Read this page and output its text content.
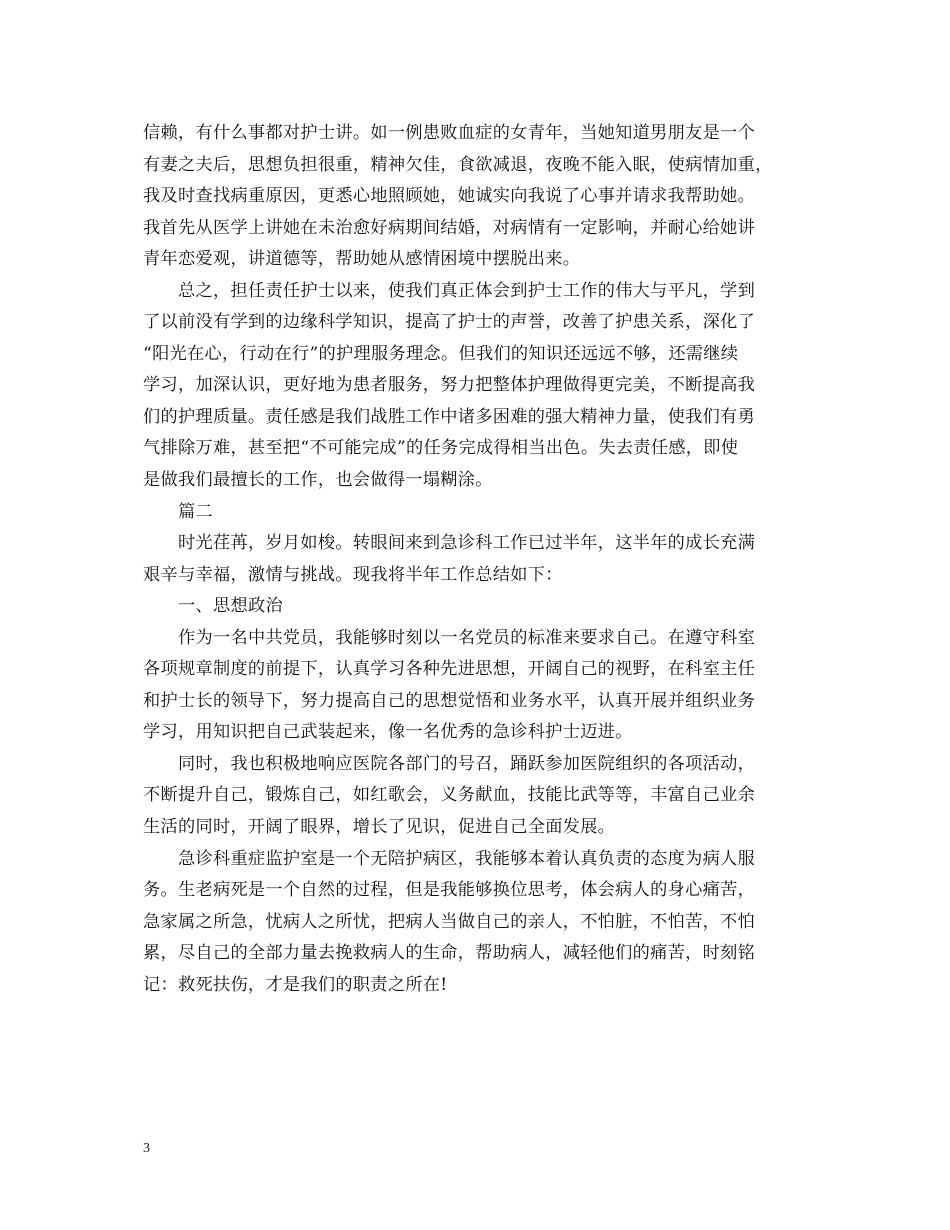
信赖，有什么事都对护士讲。如一例患败血症的女青年，当她知道男朋友是一个
有妻之夫后，思想负担很重，精神欠佳，食欲减退，夜晚不能入眠，使病情加重，
我及时查找病重原因，更悉心地照顾她，她诚实向我说了心事并请求我帮助她。
我首先从医学上讲她在未治愈好病期间结婚，对病情有一定影响，并耐心给她讲
青年恋爱观，讲道德等，帮助她从感情困境中摆脱出来。
总之，担任责任护士以来，使我们真正体会到护士工作的伟大与平凡，学到
了以前没有学到的边缘科学知识，提高了护士的声誉，改善了护患关系，深化了
“阳光在心，行动在行”的护理服务理念。但我们的知识还远远不够，还需继续
学习，加深认识，更好地为患者服务，努力把整体护理做得更完美，不断提高我
们的护理质量。责任感是我们战胜工作中诸多困难的强大精神力量，使我们有勇
气排除万难，甚至把“不可能完成”的任务完成得相当出色。失去责任感，即使
是做我们最擅长的工作，也会做得一塌糊涂。
篇二
时光荏苒，岁月如梭。转眼间来到急诊科工作已过半年，这半年的成长充满
艰辛与幸福，激情与挑战。现我将半年工作总结如下：
一、思想政治
作为一名中共党员，我能够时刻以一名党员的标准来要求自己。在遵守科室
各项规章制度的前提下，认真学习各种先进思想，开阔自己的视野，在科室主任
和护士长的领导下，努力提高自己的思想觉悟和业务水平，认真开展并组织业务
学习，用知识把自己武装起来，像一名优秀的急诊科护士迈进。
同时，我也积极地响应医院各部门的号召，踊跃参加医院组织的各项活动，
不断提升自己，锻炼自己，如红歌会，义务献血，技能比武等等，丰富自己业余
生活的同时，开阔了眼界，增长了见识，促进自己全面发展。
急诊科重症监护室是一个无陪护病区，我能够本着认真负责的态度为病人服
务。生老病死是一个自然的过程，但是我能够换位思考，体会病人的身心痛苦，
急家属之所急，忧病人之所忧，把病人当做自己的亲人，不怕脏，不怕苦，不怕
累，尽自己的全部力量去挽救病人的生命，帮助病人，减轻他们的痛苦，时刻铭
记：救死扶伤，才是我们的职责之所在!
3
